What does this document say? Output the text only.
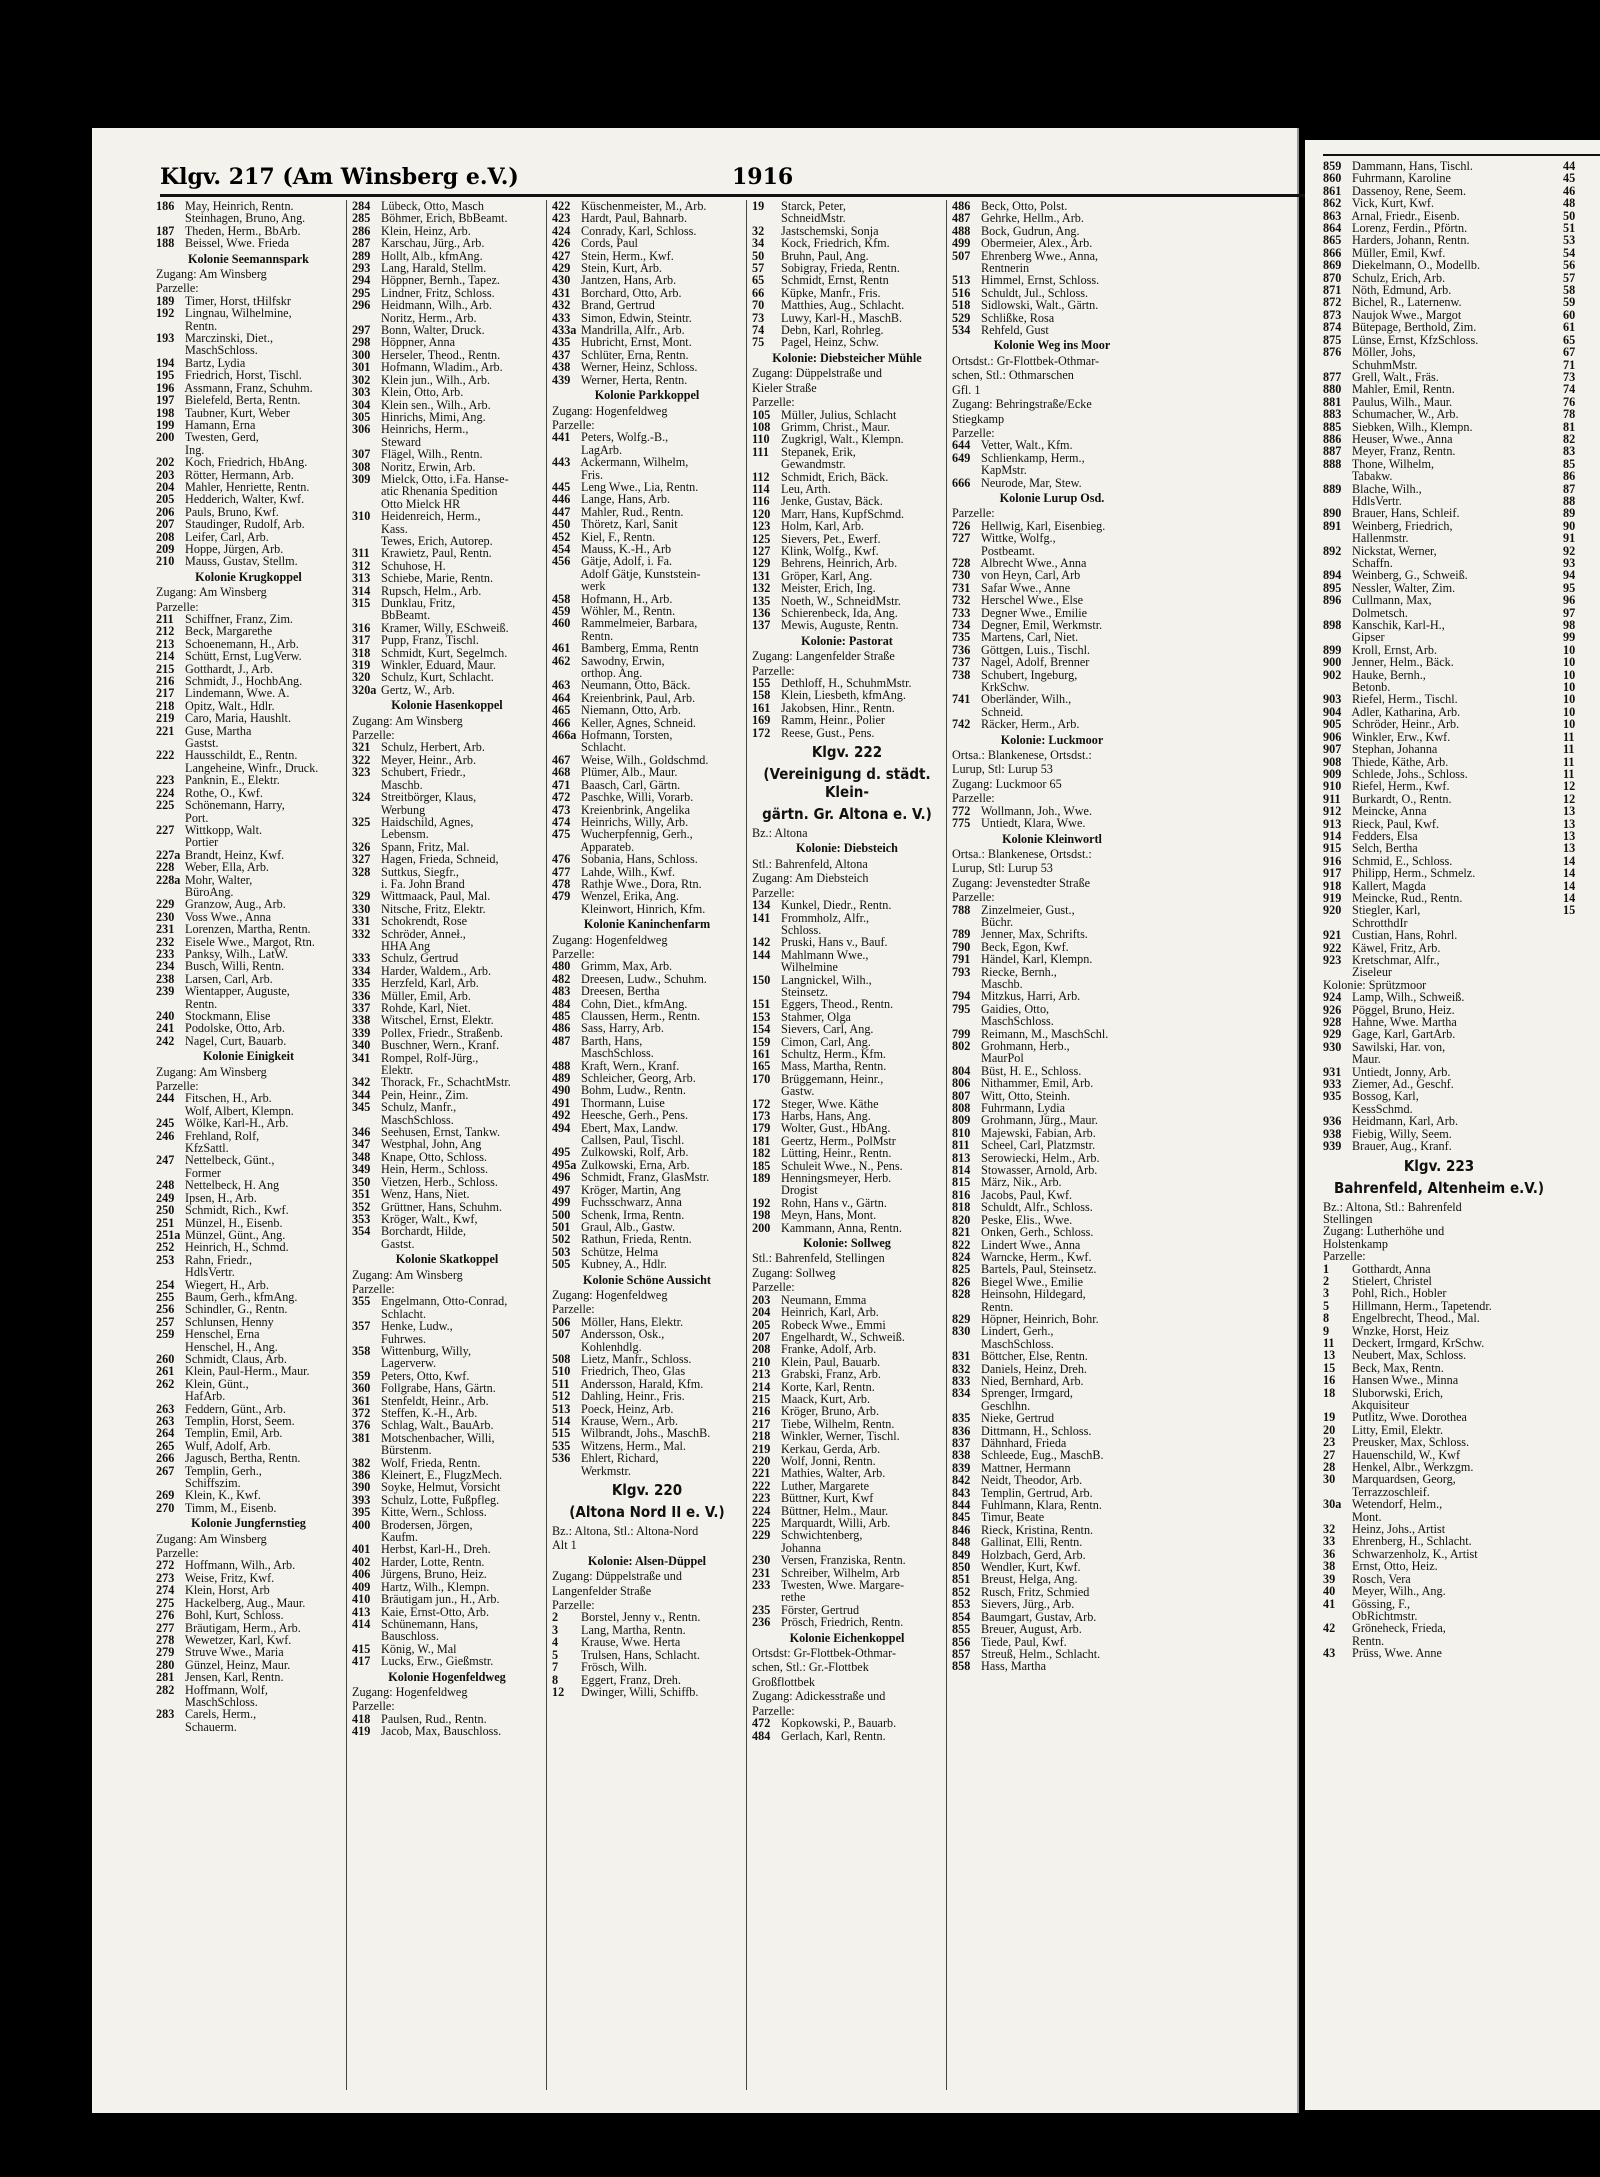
Klgv. 217 (Am Winsberg e.V.)	1916
186 May, Heinrich, Rentn.
Steinhagen, Bruno, Ang.
187 Theden, Herm., BbArb.
188 Beissel, Wwe. Frieda
Kolonie Seemannspark
Zugang: Am Winsberg
Parzelle:
189 Timer, Horst, tHilfskr
192 Lingnau, Wilhelmine,
Rentn.
193 Marczinski, Diet.,
MaschSchloss.
194 Bartz, Lydia
195 Friedrich, Horst, Tischl.
196 Assmann, Franz, Schuhm.
197 Bielefeld, Berta, Rentn.
198 Taubner, Kurt, Weber
199 Hamann, Erna
200 Twesten, Gerd,
Ing.
202 Koch, Friedrich, HbAng.
203 Rötter, Hermann, Arb.
204 Mahler, Henriette, Rentn.
205 Hedderich, Walter, Kwf.
206 Pauls, Bruno, Kwf.
207 Staudinger, Rudolf, Arb.
208 Leifer, Carl, Arb.
209 Hoppe, Jürgen, Arb.
210 Mauss, Gustav, Stellm.
Kolonie Krugkoppel
Zugang: Am Winsberg
Parzelle:
211 Schiffner, Franz, Zim.
212 Beck, Margarethe
213 Schoenemann, H., Arb.
214 Schütt, Ernst, LugVerw.
215 Gotthardt, J., Arb.
216 Schmidt, J., HochbAng.
217 Lindemann, Wwe. A.
218 Opitz, Walt., Hdlr.
219 Caro, Maria, Haushlt.
221 Guse, Martha
Gastst.
222 Hausschildt, E., Rentn.
Langeheine, Winfr., Druck.
223 Panknin, E., Elektr.
224 Rothe, O., Kwf.
225 Schönemann, Harry,
Port.
227 Wittkopp, Walt.
Portier
227a Brandt, Heinz, Kwf.
228 Weber, Ella, Arb.
228a Mohr, Walter,
BüroAng.
229 Granzow, Aug., Arb.
230 Voss Wwe., Anna
231 Lorenzen, Martha, Rentn.
232 Eisele Wwe., Margot, Rtn.
233 Panksy, Wilh., LatW.
234 Busch, Willi, Rentn.
238 Larsen, Carl, Arb.
239 Wientapper, Auguste,
Rentn.
240 Stockmann, Elise
241 Podolske, Otto, Arb.
242 Nagel, Curt, Bauarb.
Kolonie Einigkeit
Zugang: Am Winsberg
Parzelle:
244 Fitschen, H., Arb.
Wolf, Albert, Klempn.
245 Wölke, Karl-H., Arb.
246 Frehland, Rolf,
KfzSattl.
247 Nettelbeck, Günt.,
Former
248 Nettelbeck, H. Ang
249 Ipsen, H., Arb.
250 Schmidt, Rich., Kwf.
251 Münzel, H., Eisenb.
251a Münzel, Günt., Ang.
252 Heinrich, H., Schmd.
253 Rahn, Friedr.,
HdlsVertr.
254 Wiegert, H., Arb.
255 Baum, Gerh., kfmAng.
256 Schindler, G., Rentn.
257 Schlunsen, Henny
259 Henschel, Erna
Henschel, H., Ang.
260 Schmidt, Claus, Arb.
261 Klein, Paul-Herm., Maur.
262 Klein, Günt.,
HafArb.
263 Feddern, Günt., Arb.
263 Templin, Horst, Seem.
264 Templin, Emil, Arb.
265 Wulf, Adolf, Arb.
266 Jagusch, Bertha, Rentn.
267 Templin, Gerh.,
Schiffszim.
269 Klein, K., Kwf.
270 Timm, M., Eisenb.
Kolonie Jungfernstieg
Zugang: Am Winsberg
Parzelle:
272 Hoffmann, Wilh., Arb.
273 Weise, Fritz, Kwf.
274 Klein, Horst, Arb
275 Hackelberg, Aug., Maur.
276 Bohl, Kurt, Schloss.
277 Bräutigam, Herm., Arb.
278 Wewetzer, Karl, Kwf.
279 Struve Wwe., Maria
280 Günzel, Heinz, Maur.
281 Jensen, Karl, Rentn.
282 Hoffmann, Wolf,
MaschSchloss.
283 Carels, Herm.,
Schauerm.
284 Lübeck, Otto, Masch
285 Böhmer, Erich, BbBeamt.
286 Klein, Heinz, Arb.
287 Karschau, Jürg., Arb.
289 Hollt, Alb., kfmAng.
293 Lang, Harald, Stellm.
294 Höppner, Bernh., Tapez.
295 Lindner, Fritz, Schloss.
296 Heidmann, Wilh., Arb.
Noritz, Herm., Arb.
297 Bonn, Walter, Druck.
298 Höppner, Anna
300 Herseler, Theod., Rentn.
301 Hofmann, Wladim., Arb.
302 Klein jun., Wilh., Arb.
303 Klein, Otto, Arb.
304 Klein sen., Wilh., Arb.
305 Hinrichs, Mimi, Ang.
306 Heinrichs, Herm.,
Steward
307 Flägel, Wilh., Rentn.
308 Noritz, Erwin, Arb.
309 Mielck, Otto, i.Fa. Hanse-
atic Rhenania Spedition
Otto Mielck HR
310 Heidenreich, Herm.,
Kass.
Tewes, Erich, Autorep.
311 Krawietz, Paul, Rentn.
312 Schuhose, H.
313 Schiebe, Marie, Rentn.
314 Rupsch, Helm., Arb.
315 Dunklau, Fritz,
BbBeamt.
316 Kramer, Willy, ESchweiß.
317 Pupp, Franz, Tischl.
318 Schmidt, Kurt, Segelmch.
319 Winkler, Eduard, Maur.
320 Schulz, Kurt, Schlacht.
320a Gertz, W., Arb.
Kolonie Hasenkoppel
Zugang: Am Winsberg
Parzelle:
321 Schulz, Herbert, Arb.
322 Meyer, Heinr., Arb.
323 Schubert, Friedr.,
Maschb.
324 Streitbörger, Klaus,
Werbung
325 Haidschild, Agnes,
Lebensm.
326 Spann, Fritz, Mal.
327 Hagen, Frieda, Schneid,
328 Suttkus, Siegfr.,
i. Fa. John Brand
329 Wittmaack, Paul, Mal.
330 Nitsche, Fritz, Elektr.
331 Schokrendt, Rose
332 Schröder, Anneł.,
HHA Ang
333 Schulz, Gertrud
334 Harder, Waldem., Arb.
335 Herzfeld, Karl, Arb.
336 Müller, Emil, Arb.
337 Rohde, Karl, Niet.
338 Witschel, Ernst, Elektr.
339 Pollex, Friedr., Straßenb.
340 Buschner, Wern., Kranf.
341 Rompel, Rolf-Jürg.,
Elektr.
342 Thorack, Fr., SchachtMstr.
344 Pein, Heinr., Zim.
345 Schulz, Manfr.,
MaschSchloss.
346 Seehusen, Ernst, Tankw.
347 Westphal, John, Ang
348 Knape, Otto, Schloss.
349 Hein, Herm., Schloss.
350 Vietzen, Herb., Schloss.
351 Wenz, Hans, Niet.
352 Grüttner, Hans, Schuhm.
353 Kröger, Walt., Kwf,
354 Borchardt, Hilde,
Gastst.
Kolonie Skatkoppel
Zugang: Am Winsberg
Parzelle:
355 Engelmann, Otto-Conrad,
Schlacht.
357 Henke, Ludw.,
Fuhrwes.
358 Wittenburg, Willy,
Lagerverw.
359 Peters, Otto, Kwf.
360 Follgrabe, Hans, Gärtn.
361 Stenfeldt, Heinr., Arb.
372 Steffen, K.-H., Arb.
376 Schlag, Walt., BauArb.
381 Motschenbacher, Willi,
Bürstenm.
382 Wolf, Frieda, Rentn.
386 Kleinert, E., FlugzMech.
390 Soyke, Helmut, Vorsicht
393 Schulz, Lotte, Fußpfleg.
395 Kitte, Wern., Schloss.
400 Brodersen, Jörgen,
Kaufm.
401 Herbst, Karl-H., Dreh.
402 Harder, Lotte, Rentn.
406 Jürgens, Bruno, Heiz.
409 Hartz, Wilh., Klempn.
410 Bräutigam jun., H., Arb.
413 Kaie, Ernst-Otto, Arb.
414 Schünemann, Hans,
Bauschloss.
415 König, W., Mal
417 Lucks, Erw., Gießmstr.
Kolonie Hogenfeldweg
Zugang: Hogenfeldweg
Parzelle:
418 Paulsen, Rud., Rentn.
419 Jacob, Max, Bauschloss.
422 Küschenmeister, M., Arb.
423 Hardt, Paul, Bahnarb.
424 Conrady, Karl, Schloss.
426 Cords, Paul
427 Stein, Herm., Kwf.
429 Stein, Kurt, Arb.
430 Jantzen, Hans, Arb.
431 Borchard, Otto, Arb.
432 Brand, Gertrud
433 Simon, Edwin, Steintr.
433a Mandrilla, Alfr., Arb.
435 Hubricht, Ernst, Mont.
437 Schlüter, Erna, Rentn.
438 Werner, Heinz, Schloss.
439 Werner, Herta, Rentn.
Kolonie Parkkoppel
Zugang: Hogenfeldweg
Parzelle:
441 Peters, Wolfg.-B.,
LagArb.
443 Ackermann, Wilhelm,
Fris.
445 Leng Wwe., Lia, Rentn.
446 Lange, Hans, Arb.
447 Mahler, Rud., Rentn.
450 Thöretz, Karl, Sanit
452 Kiel, F., Rentn.
454 Mauss, K.-H., Arb
456 Gätje, Adolf, i. Fa.
Adolf Gätje, Kunststein-
werk
458 Hofmann, H., Arb.
459 Wöhler, M., Rentn.
460 Rammelmeier, Barbara,
Rentn.
461 Bamberg, Emma, Rentn
462 Sawodny, Erwin,
orthop. Ang.
463 Neumann, Otto, Bäck.
464 Kreienbrink, Paul, Arb.
465 Niemann, Otto, Arb.
466 Keller, Agnes, Schneid.
466a Hofmann, Torsten,
Schlacht.
467 Weise, Wilh., Goldschmd.
468 Plümer, Alb., Maur.
471 Baasch, Carl, Gärtn.
472 Paschke, Willi, Vorarb.
473 Kreienbrink, Angelika
474 Heinrichs, Willy, Arb.
475 Wucherpfennig, Gerh.,
Apparateb.
476 Sobania, Hans, Schloss.
477 Lahde, Wilh., Kwf.
478 Rathje Wwe., Dora, Rtn.
479 Wenzel, Erika, Ang.
Kleinwort, Hinrich, Kfm.
Kolonie Kaninchenfarm
Zugang: Hogenfeldweg
Parzelle:
480 Grimm, Max, Arb.
482 Dreesen, Ludw., Schuhm.
483 Dreesen, Bertha
484 Cohn, Diet., kfmAng.
485 Claussen, Herm., Rentn.
486 Sass, Harry, Arb.
487 Barth, Hans,
MaschSchloss.
488 Kraft, Wern., Kranf.
489 Schleicher, Georg, Arb.
490 Bohm, Ludw., Rentn.
491 Thormann, Luise
492 Heesche, Gerh., Pens.
494 Ebert, Max, Landw.
Callsen, Paul, Tischl.
495 Zulkowski, Rolf, Arb.
495a Zulkowski, Erna, Arb.
496 Schmidt, Franz, GlasMstr.
497 Kröger, Martin, Ang
499 Fuchsschwarz, Anna
500 Schenk, Irma, Rentn.
501 Graul, Alb., Gastw.
502 Rathun, Frieda, Rentn.
503 Schütze, Helma
505 Kubney, A., Hdlr.
Kolonie Schöne Aussicht
Zugang: Hogenfeldweg
Parzelle:
506 Möller, Hans, Elektr.
507 Andersson, Osk.,
Kohlenhdlg.
508 Lietz, Manfr., Schloss.
510 Friedrich, Theo, Glas
511 Andersson, Harald, Kfm.
512 Dahling, Heinr., Fris.
513 Poeck, Heinz, Arb.
514 Krause, Wern., Arb.
515 Wilbrandt, Johs., MaschB.
535 Witzens, Herm., Mal.
536 Ehlert, Richard,
Werkmstr.
Klgv. 220
(Altona Nord II e. V.)
Bz.: Altona, Stl.: Altona-Nord
Alt 1
Kolonie: Alsen-Düppel
Zugang: Düppelstraße und
Langenfelder Straße
Parzelle:
2 Borstel, Jenny v., Rentn.
3 Lang, Martha, Rentn.
4 Krause, Wwe. Herta
5 Trulsen, Hans, Schlacht.
7 Frösch, Wilh.
8 Eggert, Franz, Dreh.
12 Dwinger, Willi, Schiffb.
19 Starck, Peter,
SchneidMstr.
32 Jastschemski, Sonja
34 Kock, Friedrich, Kfm.
50 Bruhn, Paul, Ang.
57 Sobigray, Frieda, Rentn.
65 Schmidt, Ernst, Rentn
66 Küpke, Manfr., Fris.
70 Matthies, Aug., Schlacht.
73 Luwy, Karl-H., MaschB.
74 Debn, Karl, Rohrleg.
75 Pagel, Heinz, Schw.
Kolonie: Diebsteicher Mühle
Zugang: Düppelstraße und
Kieler Straße
Parzelle:
105 Müller, Julius, Schlacht
108 Grimm, Christ., Maur.
110 Zugkrigl, Walt., Klempn.
111 Stepanek, Erik,
Gewandmstr.
112 Schmidt, Erich, Bäck.
114 Leu, Arth.
116 Jenke, Gustav, Bäck.
120 Marr, Hans, KupfSchmd.
123 Holm, Karl, Arb.
125 Sievers, Pet., Ewerf.
127 Klink, Wolfg., Kwf.
129 Behrens, Heinrich, Arb.
131 Gröper, Karl, Ang.
132 Meister, Erich, Ing.
135 Noeth, W., SchneidMstr.
136 Schierenbeck, Ida, Ang.
137 Mewis, Auguste, Rentn.
Kolonie: Pastorat
Zugang: Langenfelder Straße
Parzelle:
155 Dethloff, H., SchuhmMstr.
158 Klein, Liesbeth, kfmAng.
161 Jakobsen, Hinr., Rentn.
169 Ramm, Heinr., Polier
172 Reese, Gust., Pens.
Klgv. 222
(Vereinigung d. städt. Klein-
gärtn. Gr. Altona e. V.)
Bz.: Altona
Kolonie: Diebsteich
Stl.: Bahrenfeld, Altona
Zugang: Am Diebsteich
Parzelle:
134 Kunkel, Diedr., Rentn.
141 Frommholz, Alfr.,
Schloss.
142 Pruski, Hans v., Bauf.
144 Mahlmann Wwe.,
Wilhelmine
150 Langnickel, Wilh.,
Steinsetz.
151 Eggers, Theod., Rentn.
153 Stahmer, Olga
154 Sievers, Carl, Ang.
159 Cimon, Carl, Ang.
161 Schultz, Herm., Kfm.
165 Mass, Martha, Rentn.
170 Brüggemann, Heinr.,
Gastw.
172 Steger, Wwe. Käthe
173 Harbs, Hans, Ang.
179 Wolter, Gust., HbAng.
181 Geertz, Herm., PolMstr
182 Lütting, Heinr., Rentn.
185 Schuleit Wwe., N., Pens.
189 Henningsmeyer, Herb.
Drogist
192 Rohn, Hans v., Gärtn.
198 Meyn, Hans, Mont.
200 Kammann, Anna, Rentn.
Kolonie: Sollweg
Stl.: Bahrenfeld, Stellingen
Zugang: Sollweg
Parzelle:
203 Neumann, Emma
204 Heinrich, Karl, Arb.
205 Robeck Wwe., Emmi
207 Engelhardt, W., Schweiß.
208 Franke, Adolf, Arb.
210 Klein, Paul, Bauarb.
213 Grabski, Franz, Arb.
214 Korte, Karl, Rentn.
215 Maack, Kurt, Arb.
216 Kröger, Bruno, Arb.
217 Tiebe, Wilhelm, Rentn.
218 Winkler, Werner, Tischl.
219 Kerkau, Gerda, Arb.
220 Wolf, Jonni, Rentn.
221 Mathies, Walter, Arb.
222 Luther, Margarete
223 Büttner, Kurt, Kwf
224 Büttner, Helm., Maur.
225 Marquardt, Willi, Arb.
229 Schwichtenberg,
Johanna
230 Versen, Franziska, Rentn.
231 Schreiber, Wilhelm, Arb
233 Twesten, Wwe. Margare-
rethe
235 Förster, Gertrud
236 Prösch, Friedrich, Rentn.
Kolonie Eichenkoppel
Ortsdst: Gr-Flottbek-Othmar-
schen, Stl.: Gr.-Flottbek
Großflottbek
Zugang: Adickesstraße und
Parzelle:
472 Kopkowski, P., Bauarb.
484 Gerlach, Karl, Rentn.
486 Beck, Otto, Polst.
487 Gehrke, Hellm., Arb.
488 Bock, Gudrun, Ang.
499 Obermeier, Alex., Arb.
507 Ehrenberg Wwe., Anna,
Rentnerin
513 Himmel, Ernst, Schloss.
516 Schuldt, Jul., Schloss.
518 Sidlowski, Walt., Gärtn.
529 Schlißke, Rosa
534 Rehfeld, Gust
Kolonie Weg ins Moor
Ortsdst.: Gr-Flottbek-Othmar-
schen, Stl.: Othmarschen
Gfl. 1
Zugang: Behringstraße/Ecke
Stiegkamp
Parzelle:
644 Vetter, Walt., Kfm.
649 Schlienkamp, Herm.,
KapMstr.
666 Neurode, Mar, Stew.
Kolonie Lurup Osd.
Parzelle:
726 Hellwig, Karl, Eisenbieg.
727 Wittke, Wolfg.,
Postbeamt.
728 Albrecht Wwe., Anna
730 von Heyn, Carl, Arb
731 Safar Wwe., Anne
732 Herschel Wwe., Else
733 Degner Wwe., Emilie
734 Degner, Emil, Werkmstr.
735 Martens, Carl, Niet.
736 Göttgen, Luis., Tischl.
737 Nagel, Adolf, Brenner
738 Schubert, Ingeburg,
KrkSchw.
741 Oberländer, Wilh.,
Schneid.
742 Räcker, Herm., Arb.
Kolonie: Luckmoor
Ortsa.: Blankenese, Ortsdst.:
Lurup, Stl: Lurup 53
Zugang: Luckmoor 65
Parzelle:
772 Wollmann, Joh., Wwe.
775 Untiedt, Klara, Wwe.
Kolonie Kleinwortl
Ortsa.: Blankenese, Ortsdst.:
Lurup, Stl: Lurup 53
Zugang: Jevenstedter Straße
Parzelle:
788 Zinzelmeier, Gust.,
Büchr.
789 Jenner, Max, Schrifts.
790 Beck, Egon, Kwf.
791 Händel, Karl, Klempn.
793 Riecke, Bernh.,
Maschb.
794 Mitzkus, Harri, Arb.
795 Gaidies, Otto,
MaschSchloss.
799 Reimann, M., MaschSchl.
802 Grohmann, Herb.,
MaurPol
804 Büst, H. E., Schloss.
806 Nithammer, Emil, Arb.
807 Witt, Otto, Steinh.
808 Fuhrmann, Lydia
809 Grohmann, Jürg., Maur.
810 Majewski, Fabian, Arb.
811 Scheel, Carl, Platzmstr.
813 Serowiecki, Helm., Arb.
814 Stowasser, Arnold, Arb.
815 März, Nik., Arb.
816 Jacobs, Paul, Kwf.
818 Schuldt, Alfr., Schloss.
820 Peske, Elis., Wwe.
821 Onken, Gerh., Schloss.
822 Lindert Wwe., Anna
824 Warncke, Herm., Kwf.
825 Bartels, Paul, Steinsetz.
826 Biegel Wwe., Emilie
828 Heinsohn, Hildegard,
Rentn.
829 Höpner, Heinrich, Bohr.
830 Lindert, Gerh.,
MaschSchloss.
831 Böttcher, Else, Rentn.
832 Daniels, Heinz, Dreh.
833 Nied, Bernhard, Arb.
834 Sprenger, Irmgard,
Geschlhn.
835 Nieke, Gertrud
836 Dittmann, H., Schloss.
837 Dähnhard, Frieda
838 Schleede, Eug., MaschB.
839 Mattner, Hermann
842 Neidt, Theodor, Arb.
843 Templin, Gertrud, Arb.
844 Fuhlmann, Klara, Rentn.
845 Timur, Beate
846 Rieck, Kristina, Rentn.
848 Gallinat, Elli, Rentn.
849 Holzbach, Gerd, Arb.
850 Wendler, Kurt, Kwf.
851 Breust, Helga, Ang.
852 Rusch, Fritz, Schmied
853 Sievers, Jürg., Arb.
854 Baumgart, Gustav, Arb.
855 Breuer, August, Arb.
856 Tiede, Paul, Kwf.
857 Streuß, Helm., Schlacht.
858 Hass, Martha
859 Dammann, Hans, Tischl.
860 Fuhrmann, Karoline
861 Dassenoy, Rene, Seem.
862 Vick, Kurt, Kwf.
863 Arnal, Friedr., Eisenb.
864 Lorenz, Ferdin., Pförtn.
865 Harders, Johann, Rentn.
866 Müller, Emil, Kwf.
869 Diekelmann, O., Modellb.
870 Schulz, Erich, Arb.
871 Nöth, Edmund, Arb.
872 Bichel, R., Laternenw.
873 Naujok Wwe., Margot
874 Bütepage, Berthold, Zim.
875 Lünse, Ernst, KfzSchloss.
876 Möller, Johs,
SchuhmMstr.
877 Grell, Walt., Fräs.
880 Mahler, Emil, Rentn.
881 Paulus, Wilh., Maur.
883 Schumacher, W., Arb.
885 Siebken, Wilh., Klempn.
886 Heuser, Wwe., Anna
887 Meyer, Franz, Rentn.
888 Thone, Wilhelm,
Tabakw.
889 Blache, Wilh.,
HdlsVertr.
890 Brauer, Hans, Schleif.
891 Weinberg, Friedrich,
Hallenmstr.
892 Nickstat, Werner,
Schaffn.
894 Weinberg, G., Schweiß.
895 Nessler, Walter, Zim.
896 Cullmann, Max,
Dolmetsch.
898 Kanschik, Karl-H.,
Gipser
899 Kroll, Ernst, Arb.
900 Jenner, Helm., Bäck.
902 Hauke, Bernh.,
Betonb.
903 Riefel, Herm., Tischl.
904 Adler, Katharina, Arb.
905 Schröder, Heinr., Arb.
906 Winkler, Erw., Kwf.
907 Stephan, Johanna
908 Thiede, Käthe, Arb.
909 Schlede, Johs., Schloss.
910 Riefel, Herm., Kwf.
911 Burkardt, O., Rentn.
912 Meincke, Anna
913 Rieck, Paul, Kwf.
914 Fedders, Elsa
915 Selch, Bertha
916 Schmid, E., Schloss.
917 Philipp, Herm., Schmelz.
918 Kallert, Magda
919 Meincke, Rud., Rentn.
920 Stiegler, Karl,
SchrotthdIr
921 Custian, Hans, Rohrl.
922 Käwel, Fritz, Arb.
923 Kretschmar, Alfr.,
Ziseleur
Kolonie: Sprützmoor
924 Lamp, Wilh., Schweiß.
926 Pöggel, Bruno, Heiz.
928 Hahne, Wwe. Martha
929 Gage, Karl, GartArb.
930 Sawilski, Har. von,
Maur.
931 Untiedt, Jonny, Arb.
933 Ziemer, Ad., Geschf.
935 Bossog, Karl,
KessSchmd.
936 Heidmann, Karl, Arb.
938 Fiebig, Willy, Seem.
939 Brauer, Aug., Kranf.
Klgv. 223
Bahrenfeld, Altenheim e.V.)
Bz.: Altona, Stl.: Bahrenfeld
Stellingen
Zugang: Lutherhöhe und
Holstenkamp
Parzelle:
1 Gotthardt, Anna
2 Stielert, Christel
3 Pohl, Rich., Hobler
5 Hillmann, Herm., Tapetendr.
8 Engelbrecht, Theod., Mal.
9 Wnzke, Horst, Heiz
11 Deckert, Irmgard, KrSchw.
13 Neubert, Max, Schloss.
15 Beck, Max, Rentn.
16 Hansen Wwe., Minna
18 Sluborwski, Erich,
Akquisiteur
19 Putlitz, Wwe. Dorothea
20 Litty, Emil, Elektr.
23 Preusker, Max, Schloss.
27 Hauenschild, W., Kwf
28 Henkel, Albr., Werkzgm.
30 Marquardsen, Georg,
Terrazzoschleif.
30a Wetendorf, Helm.,
Mont.
32 Heinz, Johs., Artist
33 Ehrenberg, H., Schlacht.
36 Schwarzenholz, K., Artist
38 Ernst, Otto, Heiz.
39 Rosch, Vera
40 Meyer, Wilh., Ang.
41 Gössing, F.,
ObRichtmstr.
42 Gröneheck, Frieda,
Rentn.
43 Prüss, Wwe. Anne
44
45
46
48
50
51
53
54
56
57
58
59
60
61
65
67
71
73
74
76
78
81
82
83
85
86
87
88
89
90
91
92
93
94
95
96
97
98
99
10
10
10
10
10
10
10
11
11
11
11
12
12
13
13
13
13
14
14
14
14
15
